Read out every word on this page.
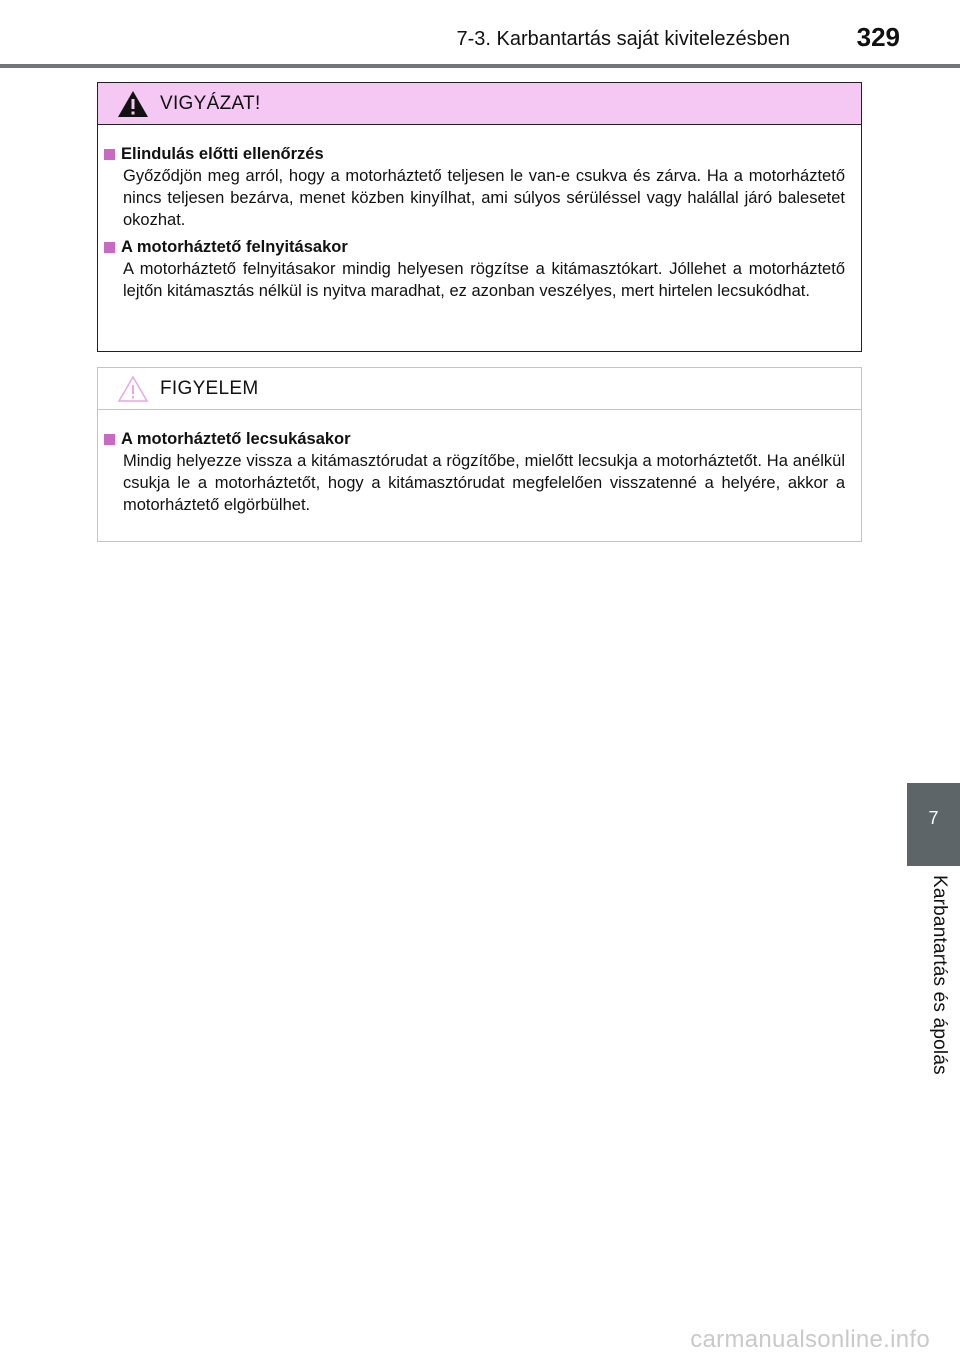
7-3. Karbantartás saját kivitelezésben	329
VIGYÁZAT!
Elindulás előtti ellenőrzés
Győződjön meg arról, hogy a motorháztető teljesen le van-e csukva és zárva. Ha a motorháztető nincs teljesen bezárva, menet közben kinyílhat, ami súlyos sérüléssel vagy halállal járó balesetet okozhat.
A motorháztető felnyitásakor
A motorháztető felnyitásakor mindig helyesen rögzítse a kitámasztókart. Jóllehet a motorháztető lejtőn kitámasztás nélkül is nyitva maradhat, ez azonban veszélyes, mert hirtelen lecsukódhat.
FIGYELEM
A motorháztető lecsukásakor
Mindig helyezze vissza a kitámasztórudat a rögzítőbe, mielőtt lecsukja a motorháztetőt. Ha anélkül csukja le a motorháztetőt, hogy a kitámasztórudat megfelelően visszatenné a helyére, akkor a motorháztető elgörbülhet.
7
Karbantartás és ápolás
carmanualsonline.info
